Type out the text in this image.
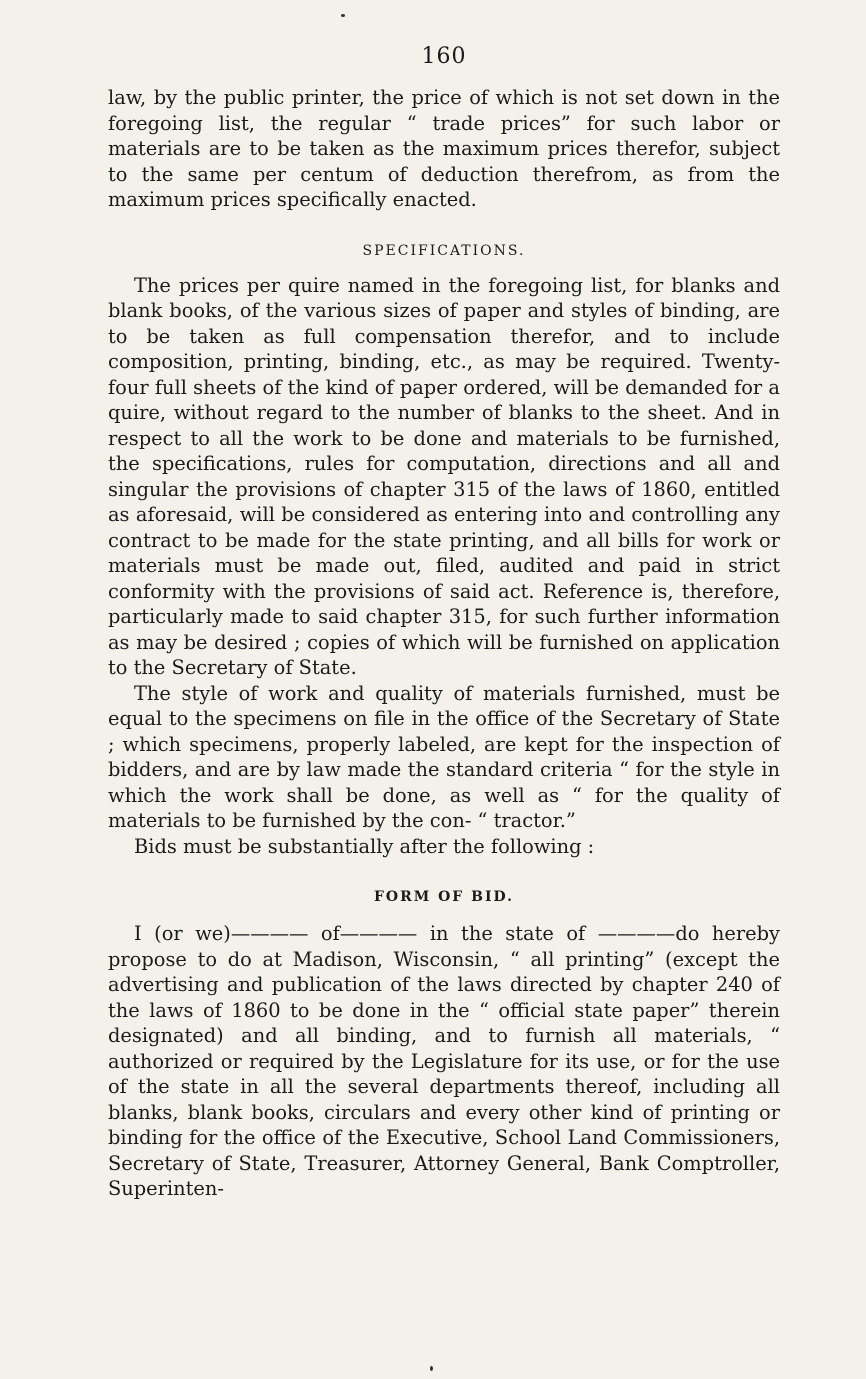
160

law, by the public printer, the price of which is not set down in the foregoing list, the regular “ trade prices” for such labor or materials are to be taken as the maximum prices therefor, subject to the same per centum of deduction therefrom, as from the maximum prices specifically enacted.

SPECIFICATIONS.

The prices per quire named in the foregoing list, for blanks and blank books, of the various sizes of paper and styles of binding, are to be taken as full compensation therefor, and to include composition, printing, binding, etc., as may be required. Twenty-four full sheets of the kind of paper ordered, will be demanded for a quire, without regard to the number of blanks to the sheet. And in respect to all the work to be done and materials to be furnished, the specifications, rules for computation, directions and all and singular the provisions of chapter 315 of the laws of 1860, entitled as aforesaid, will be considered as entering into and controlling any contract to be made for the state printing, and all bills for work or materials must be made out, filed, audited and paid in strict conformity with the provisions of said act. Reference is, therefore, particularly made to said chapter 315, for such further information as may be desired ; copies of which will be furnished on application to the Secretary of State.

The style of work and quality of materials furnished, must be equal to the specimens on file in the office of the Secretary of State ; which specimens, properly labeled, are kept for the inspection of bidders, and are by law made the standard criteria “ for the style in which the work shall be done, as well as “ for the quality of materials to be furnished by the con- “ tractor.”

Bids must be substantially after the following :

FORM OF BID.

I (or we)———— of———— in the state of ————do hereby propose to do at Madison, Wisconsin, “ all printing” (except the advertising and publication of the laws directed by chapter 240 of the laws of 1860 to be done in the “ official state paper” therein designated) and all binding, and to furnish all materials, “ authorized or required by the Legislature for its use, or for the use of the state in all the several departments thereof, including all blanks, blank books, circulars and every other kind of printing or binding for the office of the Executive, School Land Commissioners, Secretary of State, Treasurer, Attorney General, Bank Comptroller, Superinten-
